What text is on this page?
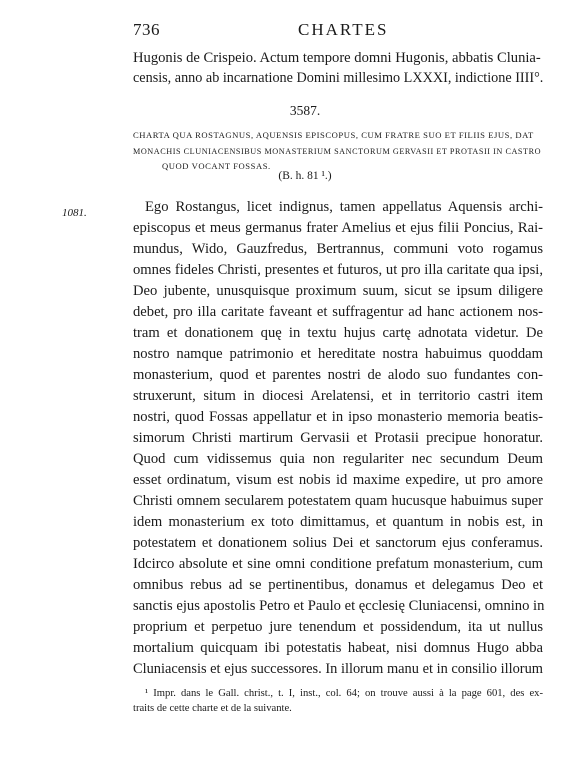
736	CHARTES
Hugonis de Crispeio. Actum tempore domni Hugonis, abbatis Clunia-
censis, anno ab incarnatione Domini millesimo LXXXI, indictione IIII°.
3587.
CHARTA QUA ROSTAGNUS, AQUENSIS EPISCOPUS, CUM FRATRE SUO ET FILIIS EJUS, DAT
MONACHIS CLUNIACENSIBUS MONASTERIUM SANCTORUM GERVASII ET PROTASII IN CASTRO
QUOD VOCANT FOSSAS.
(B. h. 81 ¹.)
1081.	Ego Rostangus, licet indignus, tamen appellatus Aquensis archi-
episcopus et meus germanus frater Amelius et ejus filii Poncius, Rai-
mundus, Wido, Gauzfredus, Bertrannus, communi voto rogamus
omnes fideles Christi, presentes et futuros, ut pro illa caritate qua ipsi,
Deo jubente, unusquisque proximum suum, sicut se ipsum diligere
debet, pro illa caritate faveant et suffragentur ad hanc actionem nos-
tram et donationem quę in textu hujus cartę adnotata videtur. De
nostro namque patrimonio et hereditate nostra habuimus quoddam
monasterium, quod et parentes nostri de alodo suo fundantes con-
struxerunt, situm in diocesi Arelatensi, et in territorio castri item
nostri, quod Fossas appellatur et in ipso monasterio memoria beatis-
simorum Christi martirum Gervasii et Protasii precipue honoratur.
Quod cum vidissemus quia non regulariter nec secundum Deum
esset ordinatum, visum est nobis id maxime expedire, ut pro amore
Christi omnem secularem potestatem quam hucusque habuimus super
idem monasterium ex toto dimittamus, et quantum in nobis est, in
potestatem et donationem solius Dei et sanctorum ejus conferamus.
Idcirco absolute et sine omni conditione prefatum monasterium, cum
omnibus rebus ad se pertinentibus, donamus et delegamus Deo et
sanctis ejus apostolis Petro et Paulo et ęcclesię Cluniacensi, omnino in
proprium et perpetuo jure tenendum et possidendum, ita ut nullus
mortalium quicquam ibi potestatis habeat, nisi domnus Hugo abba
Cluniacensis et ejus successores. In illorum manu et in consilio illorum
¹ Impr. dans le Gall. christ., t. I, inst., col. 64; on trouve aussi à la page 601, des ex-
traits de cette charte et de la suivante.
